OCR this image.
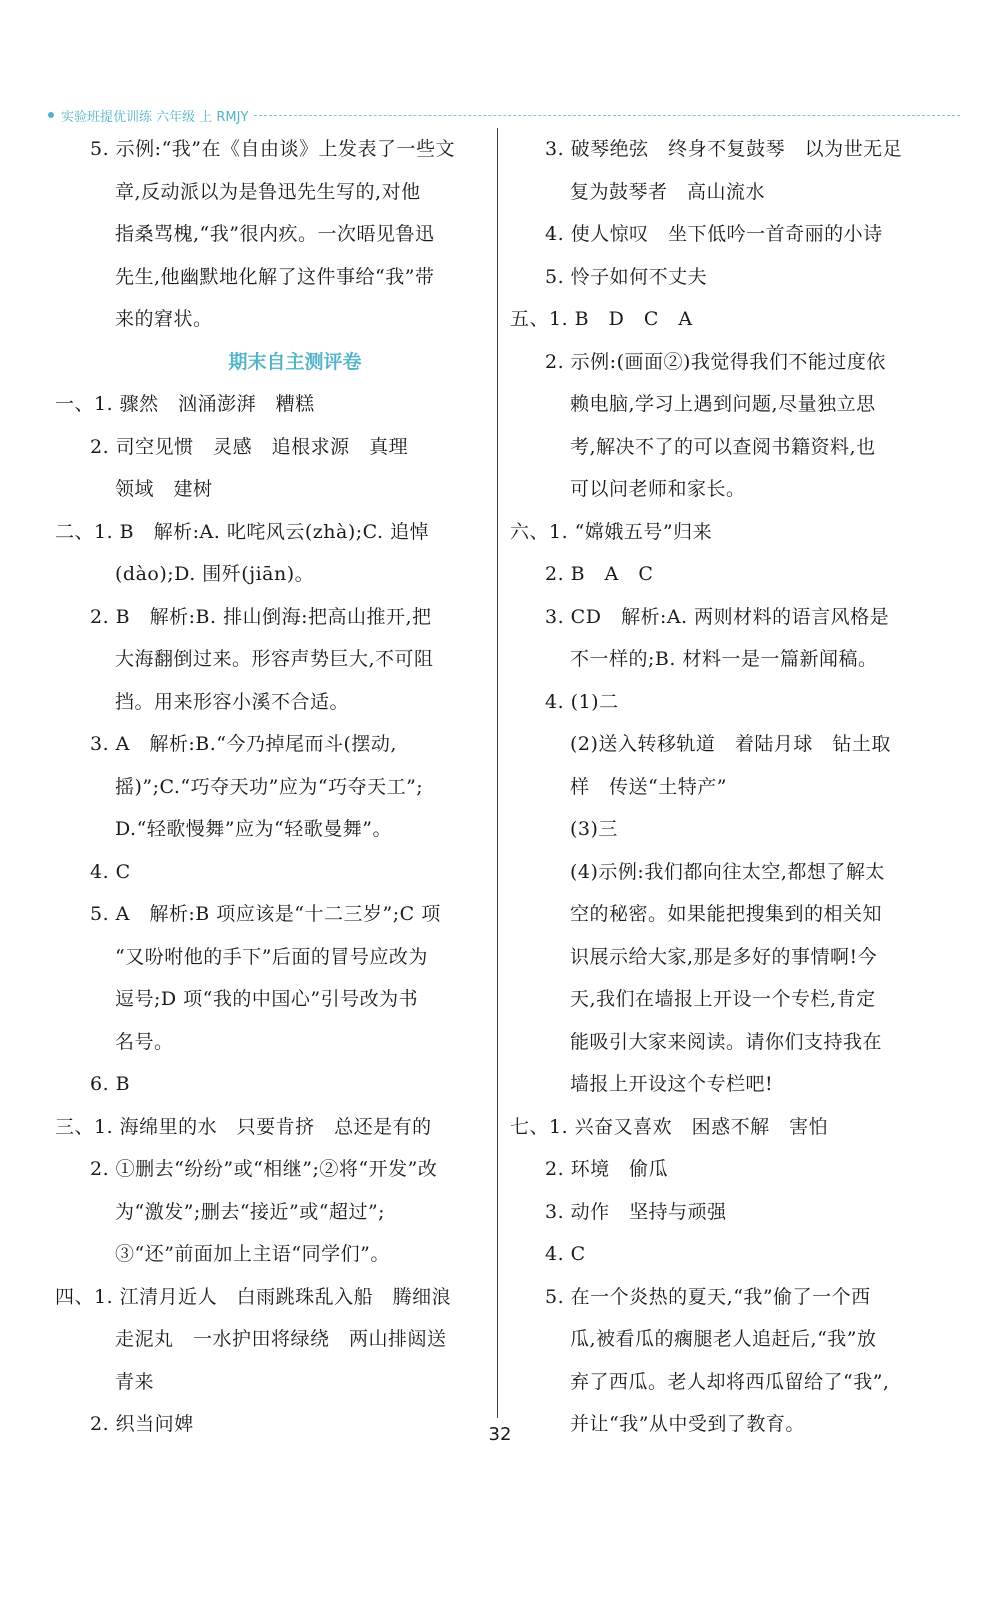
实验班提优训练 六年级 上 RMJY
5. 示例:“我”在《自由谈》上发表了一些文
章,反动派以为是鲁迅先生写的,对他
指桑骂槐,“我”很内疚。一次晤见鲁迅
先生,他幽默地化解了这件事给“我”带
来的窘状。
期末自主测评卷
一、1. 骤然　汹涌澎湃　糟糕
2. 司空见惯　灵感　追根求源　真理
领域　建树
二、1. B　解析:A. 叱咤风云(zhà);C. 追悼
(dào);D. 围歼(jiān)。
2. B　解析:B. 排山倒海:把高山推开,把
大海翻倒过来。形容声势巨大,不可阻
挡。用来形容小溪不合适。
3. A　解析:B.“今乃掉尾而斗(摆动,
摇)”;C.“巧夺天功”应为“巧夺天工”;
D.“轻歌慢舞”应为“轻歌曼舞”。
4. C
5. A　解析:B 项应该是“十二三岁”;C 项
“又吩咐他的手下”后面的冒号应改为
逗号;D 项“我的中国心”引号改为书
名号。
6. B
三、1. 海绵里的水　只要肯挤　总还是有的
2. ①删去“纷纷”或“相继”;②将“开发”改
为“激发”;删去“接近”或“超过”;
③“还”前面加上主语“同学们”。
四、1. 江清月近人　白雨跳珠乱入船　腾细浪
走泥丸　一水护田将绿绕　两山排闼送
青来
2. 织当问婢
3. 破琴绝弦　终身不复鼓琴　以为世无足
复为鼓琴者　高山流水
4. 使人惊叹　坐下低吟一首奇丽的小诗
5. 怜子如何不丈夫
五、1. B　D　C　A
2. 示例:(画面②)我觉得我们不能过度依
赖电脑,学习上遇到问题,尽量独立思
考,解决不了的可以查阅书籍资料,也
可以问老师和家长。
六、1. “嫦娥五号”归来
2. B　A　C
3. CD　解析:A. 两则材料的语言风格是
不一样的;B. 材料一是一篇新闻稿。
4. (1)二
(2)送入转移轨道　着陆月球　钻土取
样　传送“土特产”
(3)三
(4)示例:我们都向往太空,都想了解太
空的秘密。如果能把搜集到的相关知
识展示给大家,那是多好的事情啊!今
天,我们在墙报上开设一个专栏,肯定
能吸引大家来阅读。请你们支持我在
墙报上开设这个专栏吧!
七、1. 兴奋又喜欢　困惑不解　害怕
2. 环境　偷瓜
3. 动作　坚持与顽强
4. C
5. 在一个炎热的夏天,“我”偷了一个西
瓜,被看瓜的瘸腿老人追赶后,“我”放
弃了西瓜。老人却将西瓜留给了“我”,
并让“我”从中受到了教育。
32
